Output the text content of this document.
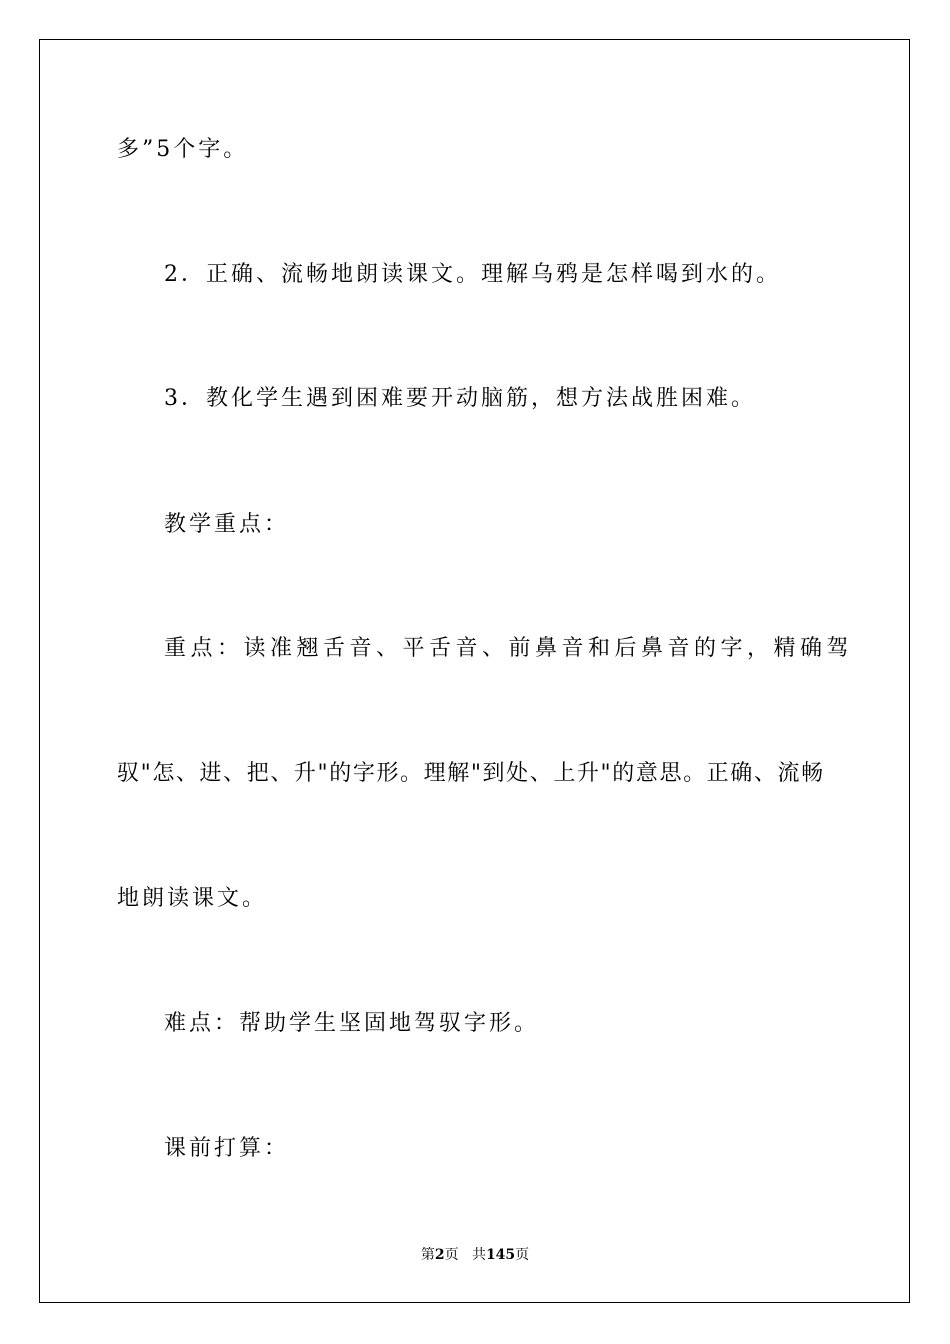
多”5个字。
2．正确、流畅地朗读课文。理解乌鸦是怎样喝到水的。
3．教化学生遇到困难要开动脑筋，想方法战胜困难。
教学重点：
重点：读准翘舌音、平舌音、前鼻音和后鼻音的字，精确驾
驭"怎、进、把、升"的字形。理解"到处、上升"的意思。正确、流畅
地朗读课文。
难点：帮助学生坚固地驾驭字形。
课前打算：
第2页 共145页
